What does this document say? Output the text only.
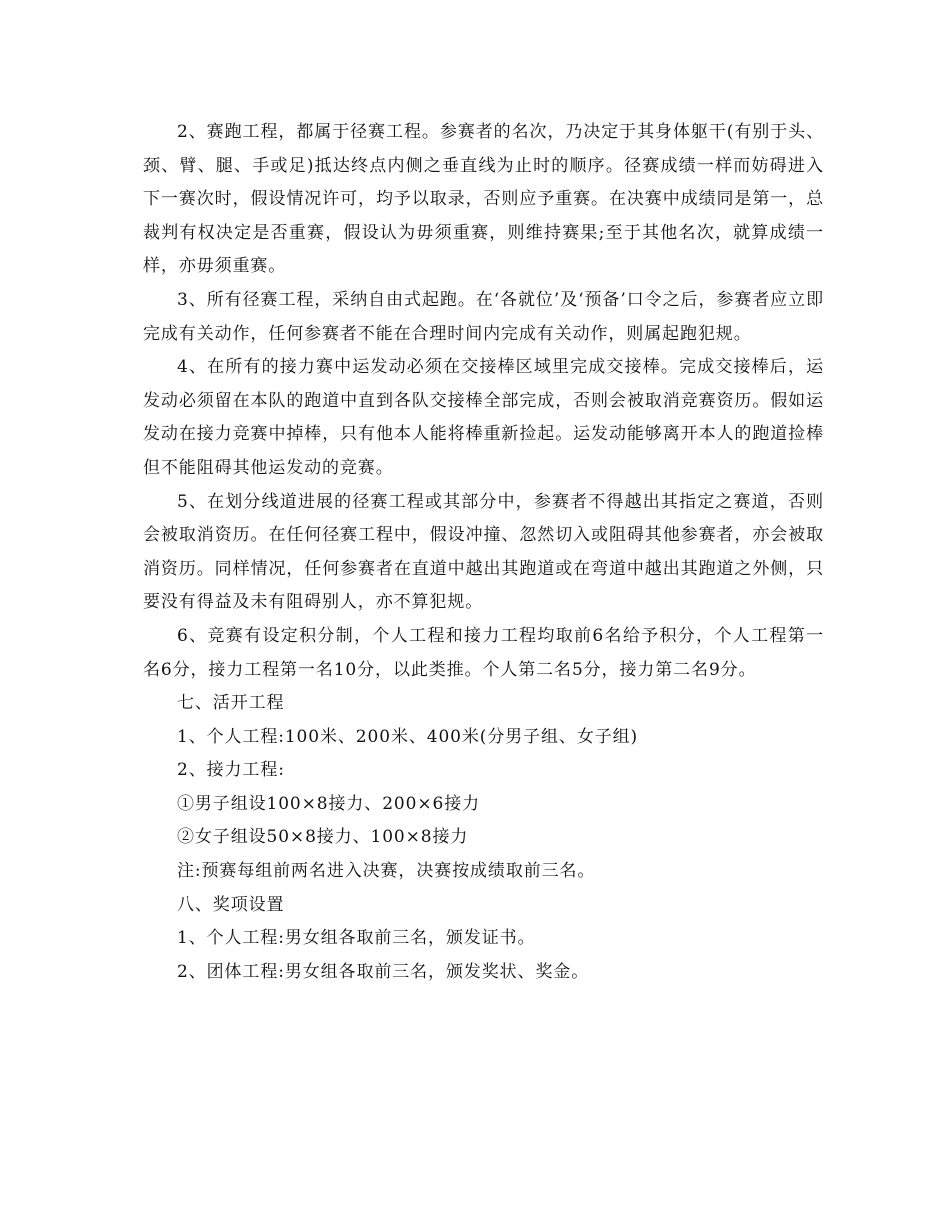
2、赛跑工程，都属于径赛工程。参赛者的名次，乃决定于其身体躯干(有别于头、颈、臂、腿、手或足)抵达终点内侧之垂直线为止时的顺序。径赛成绩一样而妨碍进入下一赛次时，假设情况许可，均予以取录，否则应予重赛。在决赛中成绩同是第一，总裁判有权决定是否重赛，假设认为毋须重赛，则维持赛果;至于其他名次，就算成绩一样，亦毋须重赛。

3、所有径赛工程，采纳自由式起跑。在‘各就位’及‘预备’口令之后，参赛者应立即完成有关动作，任何参赛者不能在合理时间内完成有关动作，则属起跑犯规。

4、在所有的接力赛中运发动必须在交接棒区域里完成交接棒。完成交接棒后，运发动必须留在本队的跑道中直到各队交接棒全部完成，否则会被取消竞赛资历。假如运发动在接力竞赛中掉棒，只有他本人能将棒重新捡起。运发动能够离开本人的跑道捡棒但不能阻碍其他运发动的竞赛。

5、在划分线道进展的径赛工程或其部分中，参赛者不得越出其指定之赛道，否则会被取消资历。在任何径赛工程中，假设冲撞、忽然切入或阻碍其他参赛者，亦会被取消资历。同样情况，任何参赛者在直道中越出其跑道或在弯道中越出其跑道之外侧，只要没有得益及未有阻碍别人，亦不算犯规。

6、竞赛有设定积分制，个人工程和接力工程均取前6名给予积分，个人工程第一名6分，接力工程第一名10分，以此类推。个人第二名5分，接力第二名9分。

七、活开工程

1、个人工程:100米、200米、400米(分男子组、女子组)

2、接力工程:

①男子组设100×8接力、200×6接力

②女子组设50×8接力、100×8接力

注:预赛每组前两名进入决赛，决赛按成绩取前三名。

八、奖项设置

1、个人工程:男女组各取前三名，颁发证书。

2、团体工程:男女组各取前三名，颁发奖状、奖金。
